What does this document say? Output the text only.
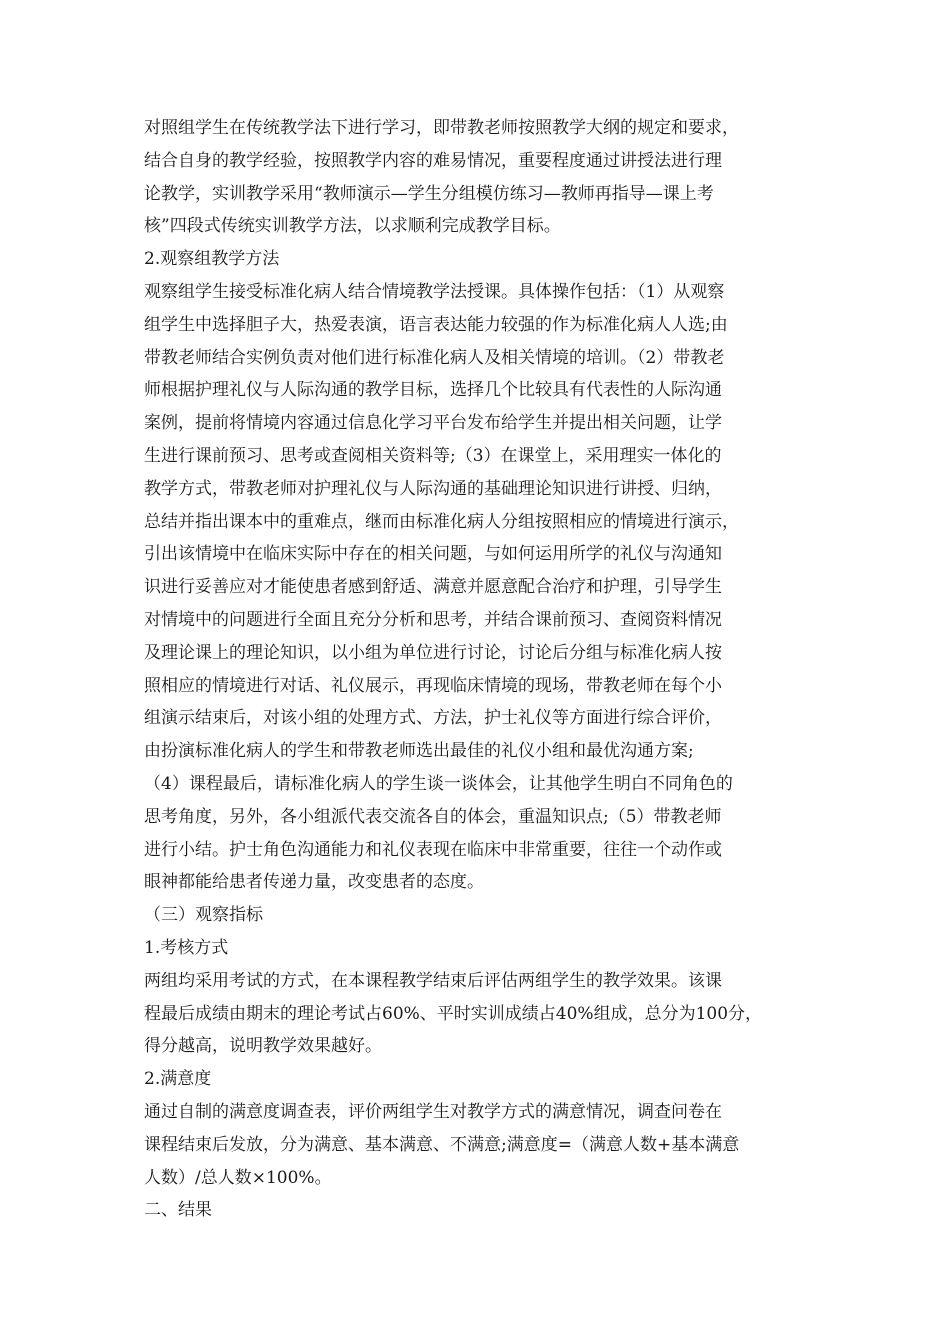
对照组学生在传统教学法下进行学习，即带教老师按照教学大纲的规定和要求，
结合自身的教学经验，按照教学内容的难易情况，重要程度通过讲授法进行理
论教学，实训教学采用“教师演示—学生分组模仿练习—教师再指导—课上考
核”四段式传统实训教学方法，以求顺利完成教学目标。
2.观察组教学方法
观察组学生接受标准化病人结合情境教学法授课。具体操作包括：（1）从观察
组学生中选择胆子大，热爱表演，语言表达能力较强的作为标准化病人人选;由
带教老师结合实例负责对他们进行标准化病人及相关情境的培训。（2）带教老
师根据护理礼仪与人际沟通的教学目标，选择几个比较具有代表性的人际沟通
案例，提前将情境内容通过信息化学习平台发布给学生并提出相关问题，让学
生进行课前预习、思考或查阅相关资料等;（3）在课堂上，采用理实一体化的
教学方式，带教老师对护理礼仪与人际沟通的基础理论知识进行讲授、归纳，
总结并指出课本中的重难点，继而由标准化病人分组按照相应的情境进行演示，
引出该情境中在临床实际中存在的相关问题，与如何运用所学的礼仪与沟通知
识进行妥善应对才能使患者感到舒适、满意并愿意配合治疗和护理，引导学生
对情境中的问题进行全面且充分分析和思考，并结合课前预习、查阅资料情况
及理论课上的理论知识，以小组为单位进行讨论，讨论后分组与标准化病人按
照相应的情境进行对话、礼仪展示，再现临床情境的现场，带教老师在每个小
组演示结束后，对该小组的处理方式、方法，护士礼仪等方面进行综合评价，
由扮演标准化病人的学生和带教老师选出最佳的礼仪小组和最优沟通方案;
（4）课程最后，请标准化病人的学生谈一谈体会，让其他学生明白不同角色的
思考角度，另外，各小组派代表交流各自的体会，重温知识点;（5）带教老师
进行小结。护士角色沟通能力和礼仪表现在临床中非常重要，往往一个动作或
眼神都能给患者传递力量，改变患者的态度。
（三）观察指标
1.考核方式
两组均采用考试的方式，在本课程教学结束后评估两组学生的教学效果。该课
程最后成绩由期末的理论考试占60%、平时实训成绩占40%组成，总分为100分，
得分越高，说明教学效果越好。
2.满意度
通过自制的满意度调查表，评价两组学生对教学方式的满意情况，调查问卷在
课程结束后发放，分为满意、基本满意、不满意;满意度=（满意人数+基本满意
人数）/总人数×100%。
二、结果
